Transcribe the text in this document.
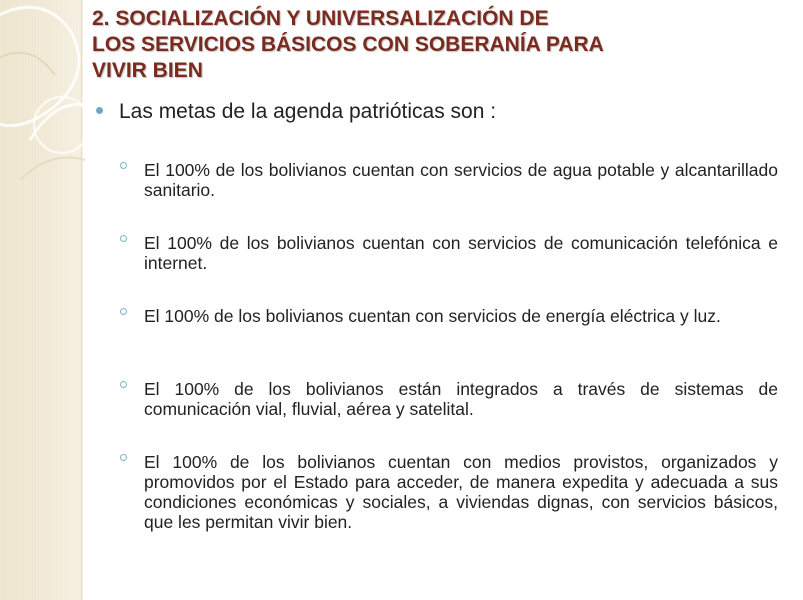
2. SOCIALIZACIÓN Y UNIVERSALIZACIÓN DE
LOS SERVICIOS BÁSICOS CON SOBERANÍA PARA
VIVIR BIEN
Las metas de la agenda patrióticas son :
El 100% de los bolivianos cuentan con servicios de agua potable y alcantarillado sanitario.
El 100% de los bolivianos cuentan con servicios de comunicación telefónica e internet.
El 100% de los bolivianos cuentan con servicios de energía eléctrica y luz.
El 100% de los bolivianos están integrados a través de sistemas de comunicación vial, fluvial, aérea y satelital.
El 100% de los bolivianos cuentan con medios provistos, organizados y promovidos por el Estado para acceder, de manera expedita y adecuada a sus condiciones económicas y sociales, a viviendas dignas, con servicios básicos, que les permitan vivir bien.
